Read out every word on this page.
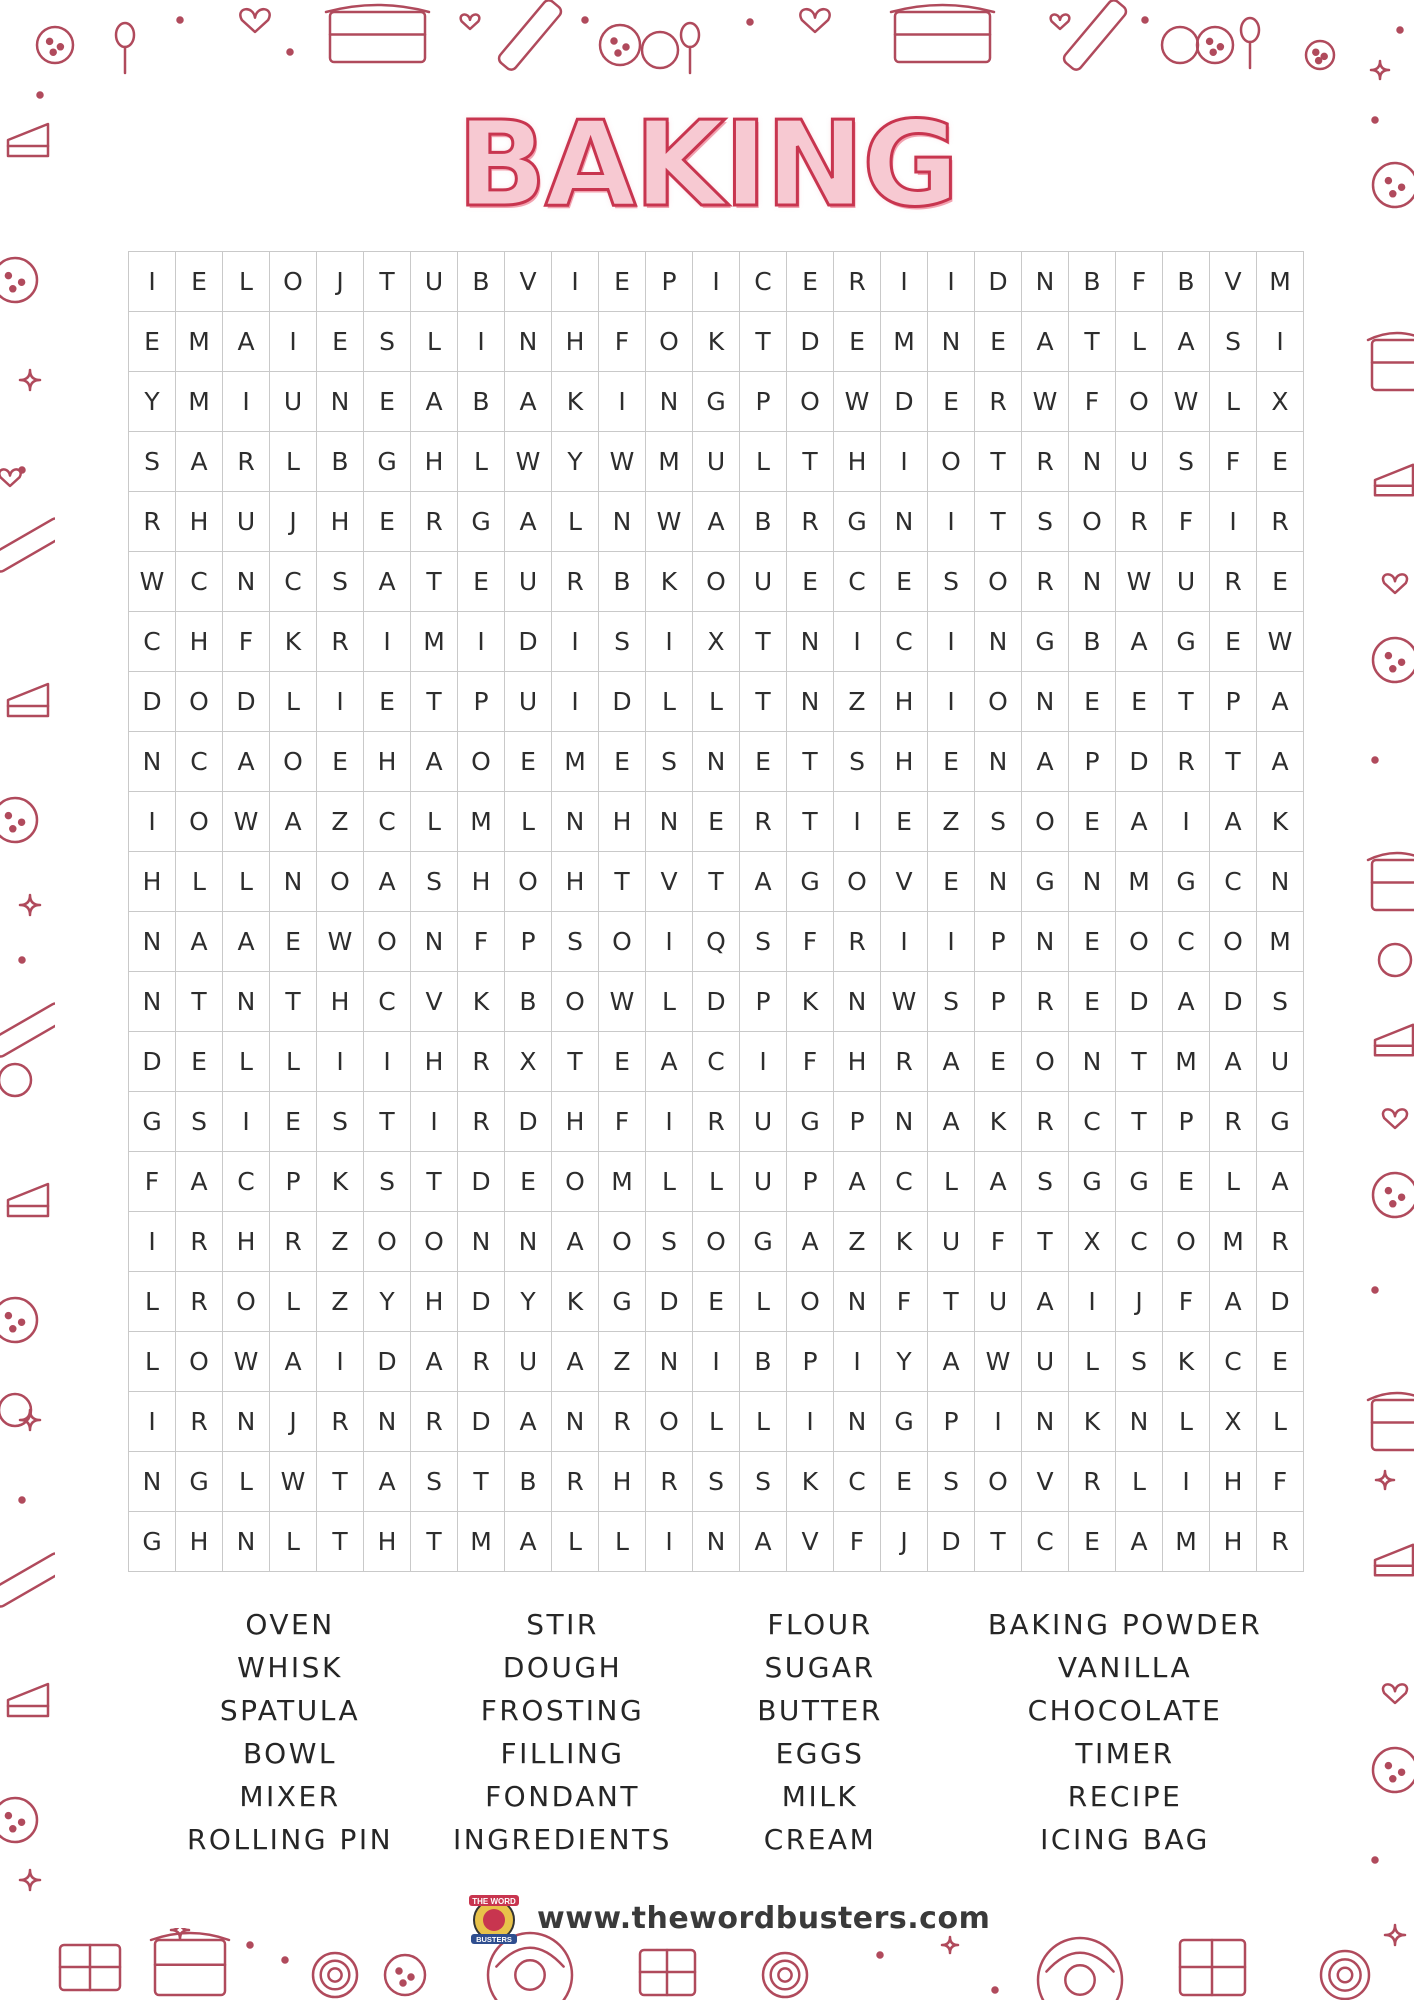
BAKING
I	E	L	O	J	T	U	B	V	I	E	P	I	C	E	R	I	I	D	N	B	F	B	V	M
E	M	A	I	E	S	L	I	N	H	F	O	K	T	D	E	M	N	E	A	T	L	A	S	I
Y	M	I	U	N	E	A	B	A	K	I	N	G	P	O	W	D	E	R	W	F	O	W	L	X
S	A	R	L	B	G	H	L	W	Y	W	M	U	L	T	H	I	O	T	R	N	U	S	F	E
R	H	U	J	H	E	R	G	A	L	N	W	A	B	R	G	N	I	T	S	O	R	F	I	R
W	C	N	C	S	A	T	E	U	R	B	K	O	U	E	C	E	S	O	R	N	W	U	R	E
C	H	F	K	R	I	M	I	D	I	S	I	X	T	N	I	C	I	N	G	B	A	G	E	W
D	O	D	L	I	E	T	P	U	I	D	L	L	T	N	Z	H	I	O	N	E	E	T	P	A
N	C	A	O	E	H	A	O	E	M	E	S	N	E	T	S	H	E	N	A	P	D	R	T	A
I	O	W	A	Z	C	L	M	L	N	H	N	E	R	T	I	E	Z	S	O	E	A	I	A	K
H	L	L	N	O	A	S	H	O	H	T	V	T	A	G	O	V	E	N	G	N	M	G	C	N
N	A	A	E	W	O	N	F	P	S	O	I	Q	S	F	R	I	I	P	N	E	O	C	O	M
N	T	N	T	H	C	V	K	B	O	W	L	D	P	K	N	W	S	P	R	E	D	A	D	S
D	E	L	L	I	I	H	R	X	T	E	A	C	I	F	H	R	A	E	O	N	T	M	A	U
G	S	I	E	S	T	I	R	D	H	F	I	R	U	G	P	N	A	K	R	C	T	P	R	G
F	A	C	P	K	S	T	D	E	O	M	L	L	U	P	A	C	L	A	S	G	G	E	L	A
I	R	H	R	Z	O	O	N	N	A	O	S	O	G	A	Z	K	U	F	T	X	C	O	M	R
L	R	O	L	Z	Y	H	D	Y	K	G	D	E	L	O	N	F	T	U	A	I	J	F	A	D
L	O	W	A	I	D	A	R	U	A	Z	N	I	B	P	I	Y	A	W	U	L	S	K	C	E
I	R	N	J	R	N	R	D	A	N	R	O	L	L	I	N	G	P	I	N	K	N	L	X	L
N	G	L	W	T	A	S	T	B	R	H	R	S	S	K	C	E	S	O	V	R	L	I	H	F
G	H	N	L	T	H	T	M	A	L	L	I	N	A	V	F	J	D	T	C	E	A	M	H	R
OVEN
WHISK
SPATULA
BOWL
MIXER
ROLLING PIN
STIR
DOUGH
FROSTING
FILLING
FONDANT
INGREDIENTS
FLOUR
SUGAR
BUTTER
EGGS
MILK
CREAM
BAKING POWDER
VANILLA
CHOCOLATE
TIMER
RECIPE
ICING BAG
THE WORD
BUSTERS
www.thewordbusters.com
